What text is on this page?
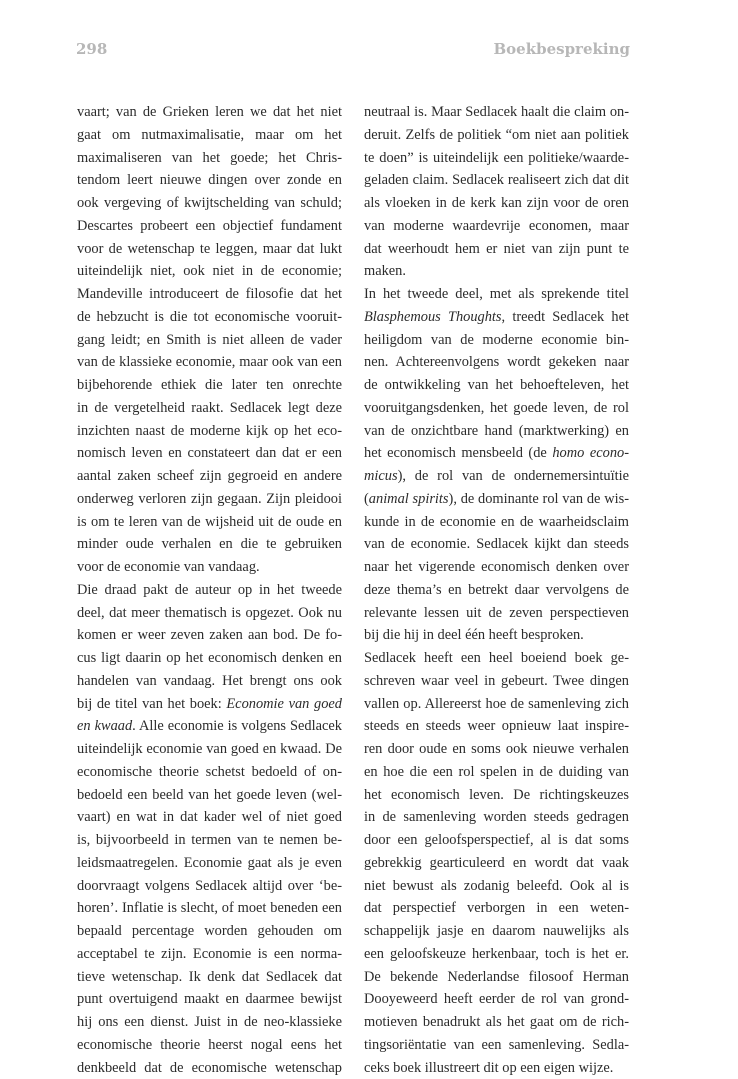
298	Boekbespreking
vaart; van de Grieken leren we dat het niet
gaat om nutmaximalisatie, maar om het
maximaliseren van het goede; het Chris-
tendom leert nieuwe dingen over zonde en
ook vergeving of kwijtschelding van schuld;
Descartes probeert een objectief fundament
voor de wetenschap te leggen, maar dat lukt
uiteindelijk niet, ook niet in de economie;
Mandeville introduceert de filosofie dat het
de hebzucht is die tot economische vooruit-
gang leidt; en Smith is niet alleen de vader
van de klassieke economie, maar ook van een
bijbehorende ethiek die later ten onrechte
in de vergetelheid raakt. Sedlacek legt deze
inzichten naast de moderne kijk op het eco-
nomisch leven en constateert dan dat er een
aantal zaken scheef zijn gegroeid en andere
onderweg verloren zijn gegaan. Zijn pleidooi
is om te leren van de wijsheid uit de oude en
minder oude verhalen en die te gebruiken
voor de economie van vandaag.
Die draad pakt de auteur op in het tweede
deel, dat meer thematisch is opgezet. Ook nu
komen er weer zeven zaken aan bod. De fo-
cus ligt daarin op het economisch denken en
handelen van vandaag. Het brengt ons ook
bij de titel van het boek: Economie van goed
en kwaad. Alle economie is volgens Sedlacek
uiteindelijk economie van goed en kwaad. De
economische theorie schetst bedoeld of on-
bedoeld een beeld van het goede leven (wel-
vaart) en wat in dat kader wel of niet goed
is, bijvoorbeeld in termen van te nemen be-
leidsmaatregelen. Economie gaat als je even
doorvraagt volgens Sedlacek altijd over ‘be-
horen’. Inflatie is slecht, of moet beneden een
bepaald percentage worden gehouden om
acceptabel te zijn. Economie is een norma-
tieve wetenschap. Ik denk dat Sedlacek dat
punt overtuigend maakt en daarmee bewijst
hij ons een dienst. Juist in de neo-klassieke
economische theorie heerst nogal eens het
denkbeeld dat de economische wetenschap
neutraal is. Maar Sedlacek haalt die claim on-
deruit. Zelfs de politiek “om niet aan politiek
te doen” is uiteindelijk een politieke/waarde-
geladen claim. Sedlacek realiseert zich dat dit
als vloeken in de kerk kan zijn voor de oren
van moderne waardevrije economen, maar
dat weerhoudt hem er niet van zijn punt te
maken.
In het tweede deel, met als sprekende titel
Blasphemous Thoughts, treedt Sedlacek het
heiligdom van de moderne economie bin-
nen. Achtereenvolgens wordt gekeken naar
de ontwikkeling van het behoefteleven, het
vooruitgangsdenken, het goede leven, de rol
van de onzichtbare hand (marktwerking) en
het economisch mensbeeld (de homo econo-
micus), de rol van de ondernemersintuïtie
(animal spirits), de dominante rol van de wis-
kunde in de economie en de waarheidsclaim
van de economie. Sedlacek kijkt dan steeds
naar het vigerende economisch denken over
deze thema’s en betrekt daar vervolgens de
relevante lessen uit de zeven perspectieven
bij die hij in deel één heeft besproken.
Sedlacek heeft een heel boeiend boek ge-
schreven waar veel in gebeurt. Twee dingen
vallen op. Allereerst hoe de samenleving zich
steeds en steeds weer opnieuw laat inspire-
ren door oude en soms ook nieuwe verhalen
en hoe die een rol spelen in de duiding van
het economisch leven. De richtingskeuzes
in de samenleving worden steeds gedragen
door een geloofsperspectief, al is dat soms
gebrekkig gearticuleerd en wordt dat vaak
niet bewust als zodanig beleefd. Ook al is
dat perspectief verborgen in een weten-
schappelijk jasje en daarom nauwelijks als
een geloofskeuze herkenbaar, toch is het er.
De bekende Nederlandse filosoof Herman
Dooyeweerd heeft eerder de rol van grond-
motieven benadrukt als het gaat om de rich-
tingsoriëntatie van een samenleving. Sedla-
ceks boek illustreert dit op een eigen wijze.
